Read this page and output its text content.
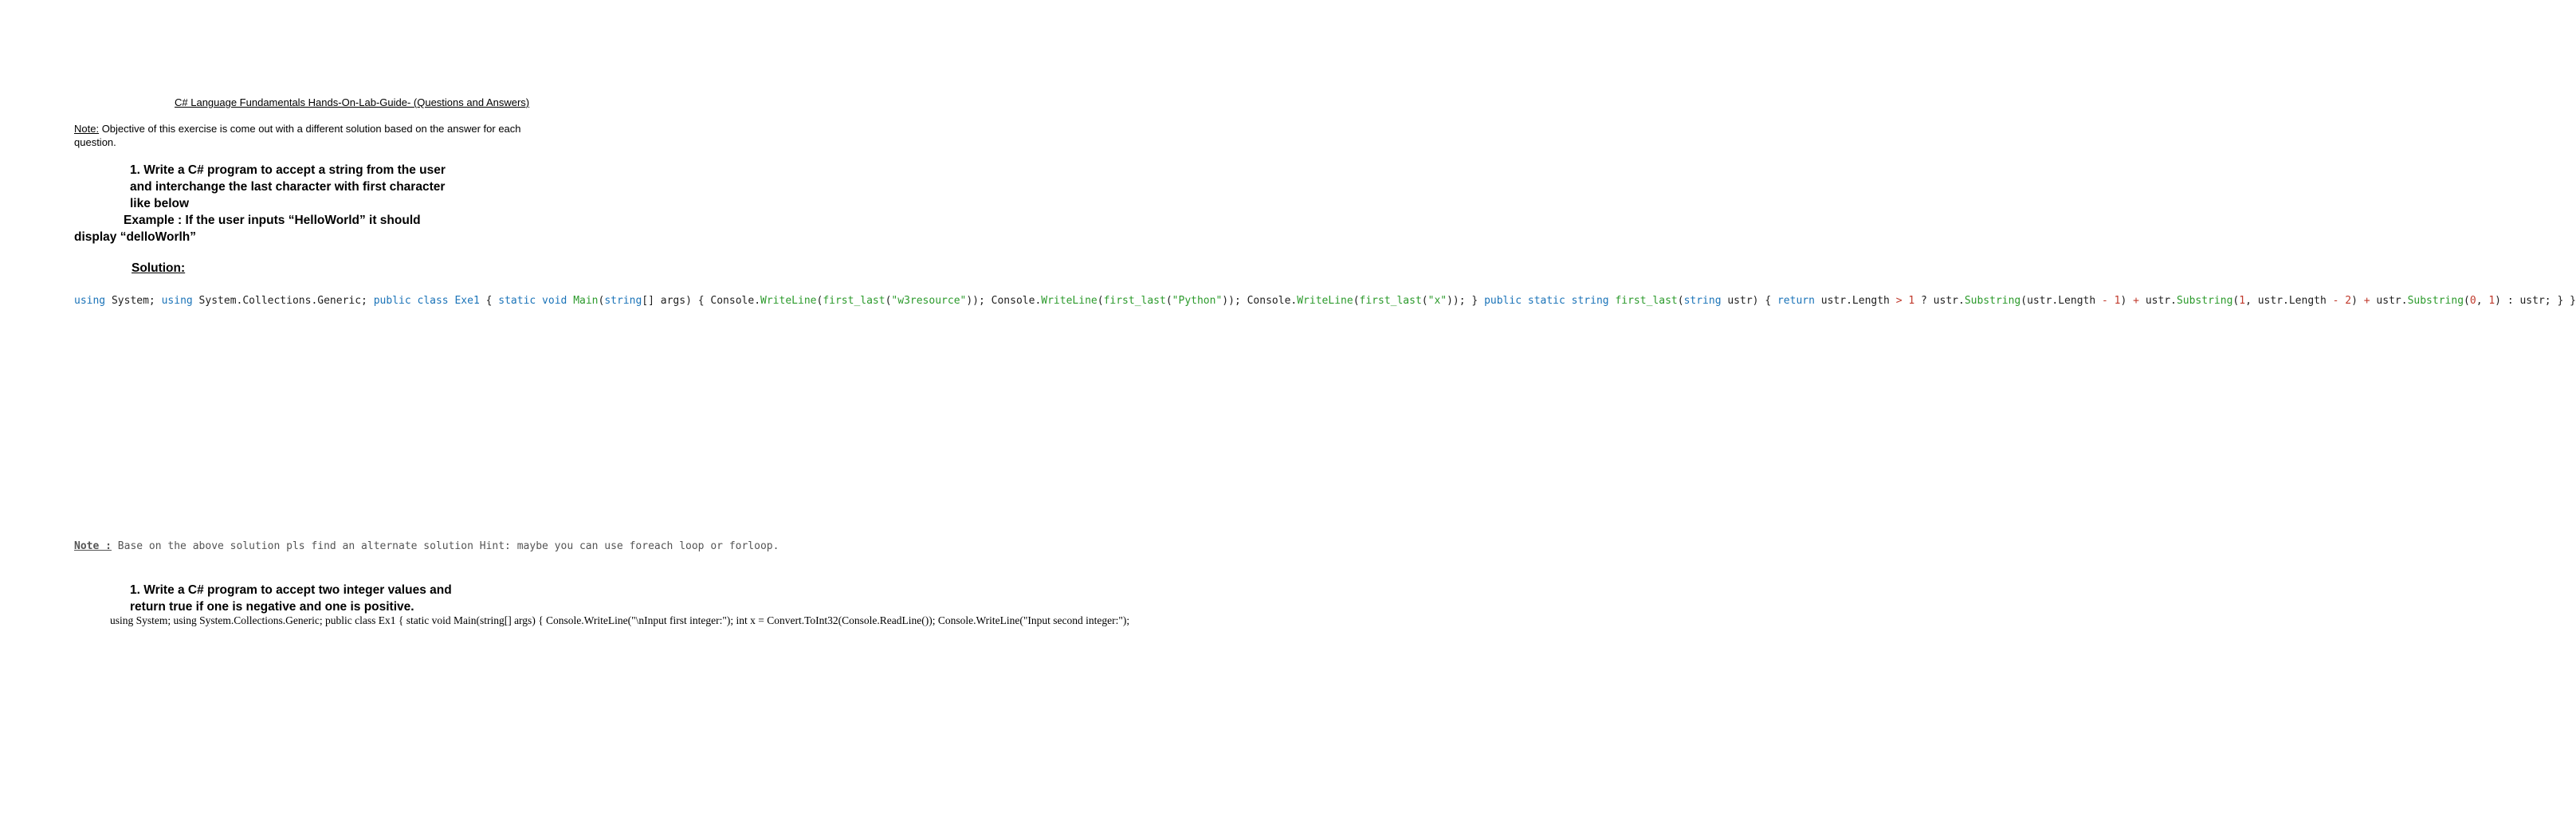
C# Language Fundamentals Hands-On-Lab-Guide- (Questions and Answers)
Note: Objective of this exercise is come out with a different solution based on the answer for each question.
1. Write a C# program to accept a string from the user
and interchange the last character with first character
like below
Example : If the user inputs “HelloWorld” it should
display “delloWorlh”
Solution:
using System; using System.Collections.Generic; public class Exe1 { static void Main(string[] args) { Console.WriteLine(first_last("w3resource")); Console.WriteLine(first_last("Python")); Console.WriteLine(first_last("x")); } public static string first_last(string ustr) { return ustr.Length > 1 ? ustr.Substring(ustr.Length - 1) + ustr.Substring(1, ustr.Length - 2) + ustr.Substring(0, 1) : ustr; } }
Note : Base on the above solution pls find an alternate solution Hint: maybe you can use foreach loop or forloop.
1. Write a C# program to accept two integer values and
return true if one is negative and one is positive.
using System; using System.Collections.Generic; public class Ex1 { static void Main(string[] args) { Console.WriteLine("\nInput first integer:"); int x = Convert.ToInt32(Console.ReadLine()); Console.WriteLine("Input second integer:");
